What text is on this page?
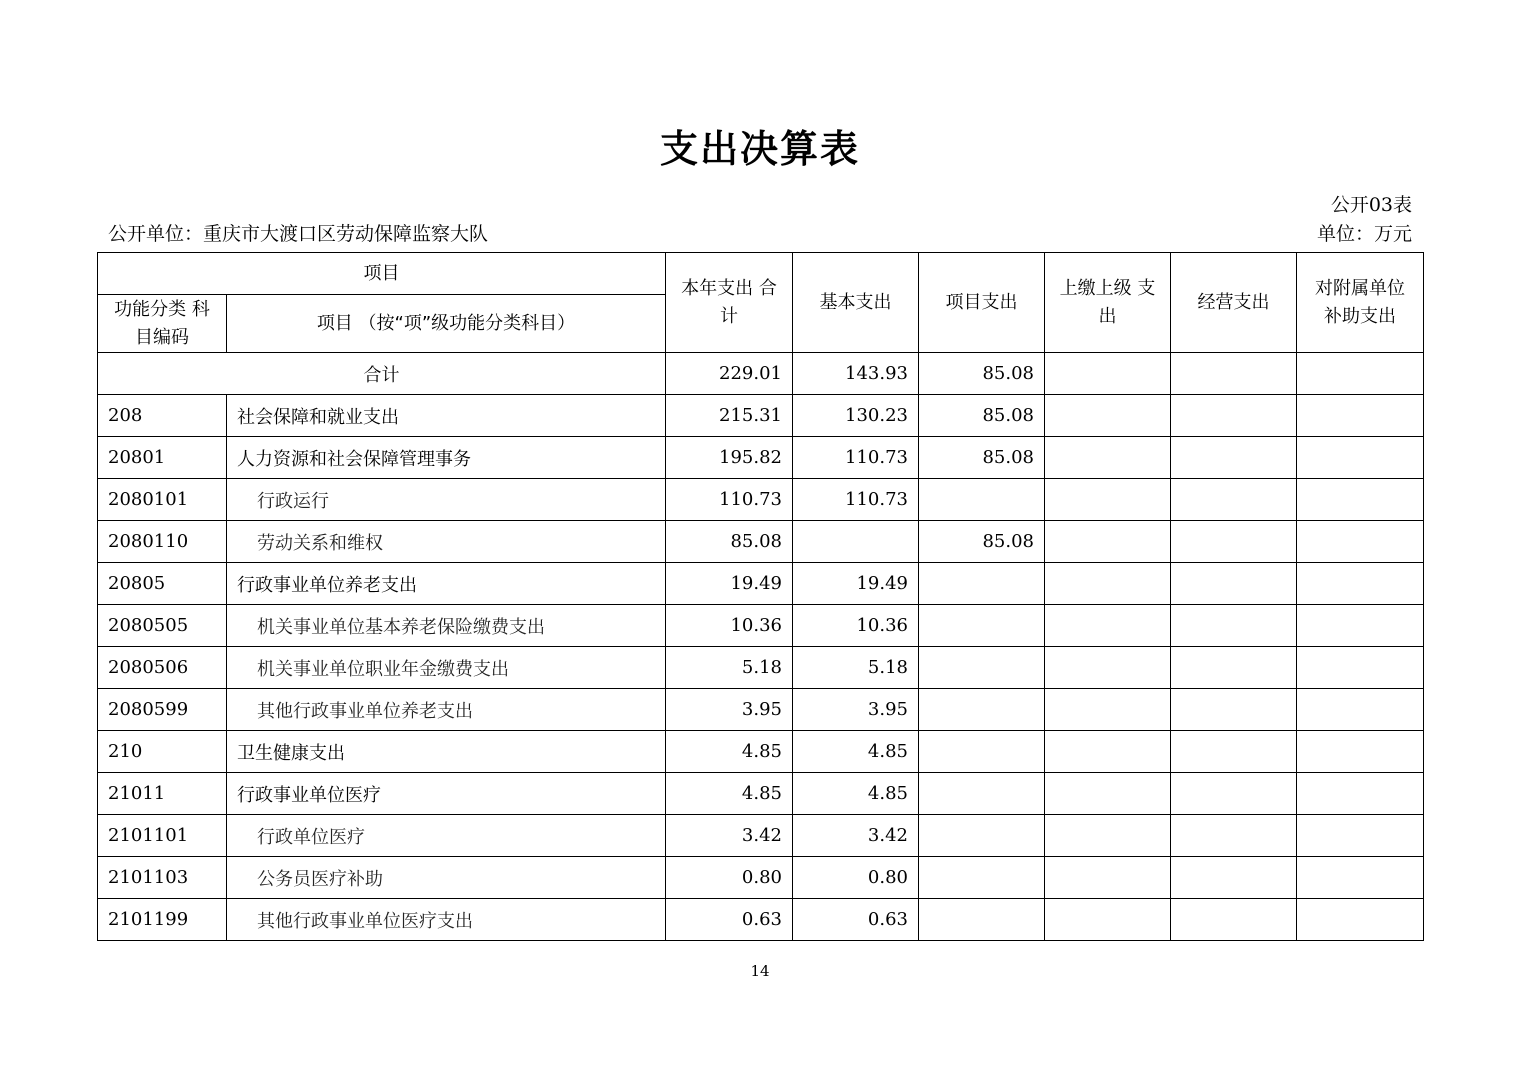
支出决算表
公开03表
公开单位：重庆市大渡口区劳动保障监察大队	单位：万元
项目		本年支出 合计	基本支出	项目支出	上缴上级 支出	经营支出	对附属单位 补助支出
功能分类 科目编码	项目 （按“项”级功能分类科目）						
合计		229.01	143.93	85.08			
208	社会保障和就业支出	215.31	130.23	85.08			
20801	人力资源和社会保障管理事务	195.82	110.73	85.08			
2080101	行政运行	110.73	110.73				
2080110	劳动关系和维权	85.08		85.08			
20805	行政事业单位养老支出	19.49	19.49				
2080505	机关事业单位基本养老保险缴费支出	10.36	10.36				
2080506	机关事业单位职业年金缴费支出	5.18	5.18				
2080599	其他行政事业单位养老支出	3.95	3.95				
210	卫生健康支出	4.85	4.85				
21011	行政事业单位医疗	4.85	4.85				
2101101	行政单位医疗	3.42	3.42				
2101103	公务员医疗补助	0.80	0.80				
2101199	其他行政事业单位医疗支出	0.63	0.63				
14
